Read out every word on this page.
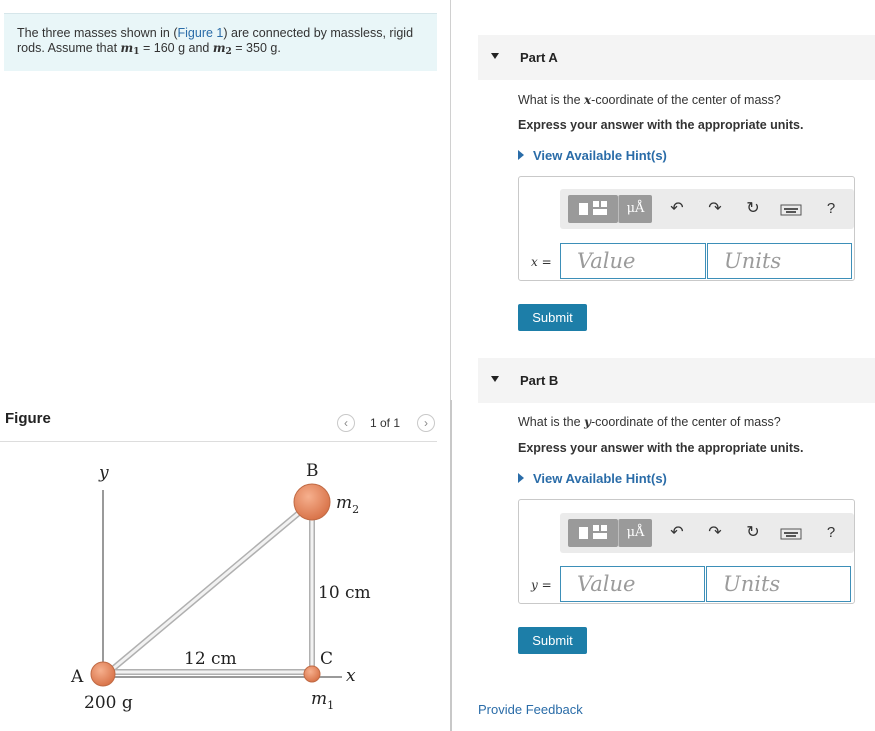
The three masses shown in (Figure 1) are connected by massless, rigid rods. Assume that $m_1 = 160$ g and $m_2 = 350$ g.
Figure	‹	1 of 1	›
y	B
$m_2$
10 cm
12 cm	C
x
A
200 g	$m_1$
Part A
What is the x-coordinate of the center of mass?
Express your answer with the appropriate units.
View Available Hint(s)
μÅ	↶ ↷ ↻	?
x =	Value	Units
Submit
Part B
What is the y-coordinate of the center of mass?
Express your answer with the appropriate units.
View Available Hint(s)
μÅ	↶ ↷ ↻	?
y =	Value	Units
Submit
Provide Feedback
